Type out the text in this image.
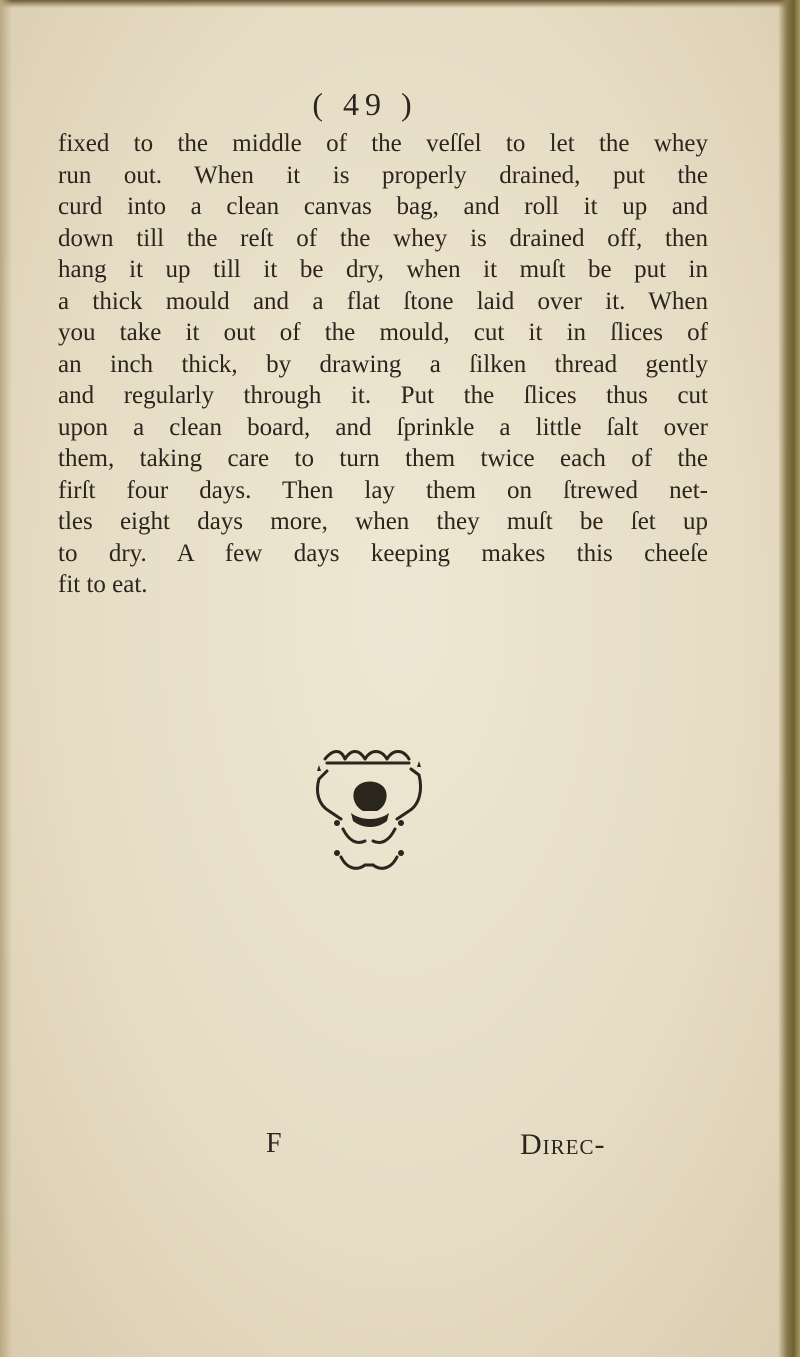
( 49 )
fixed to the middle of the veſſel to let the whey
run out. When it is properly drained, put the
curd into a clean canvas bag, and roll it up and
down till the reſt of the whey is drained off, then
hang it up till it be dry, when it muſt be put in
a thick mould and a flat ſtone laid over it. When
you take it out of the mould, cut it in ſlices of
an inch thick, by drawing a ſilken thread gently
and regularly through it. Put the ſlices thus cut
upon a clean board, and ſprinkle a little ſalt over
them, taking care to turn them twice each of the
firſt four days. Then lay them on ſtrewed net-
tles eight days more, when they muſt be ſet up
to dry. A few days keeping makes this cheeſe
fit to eat.
F	Direc-
